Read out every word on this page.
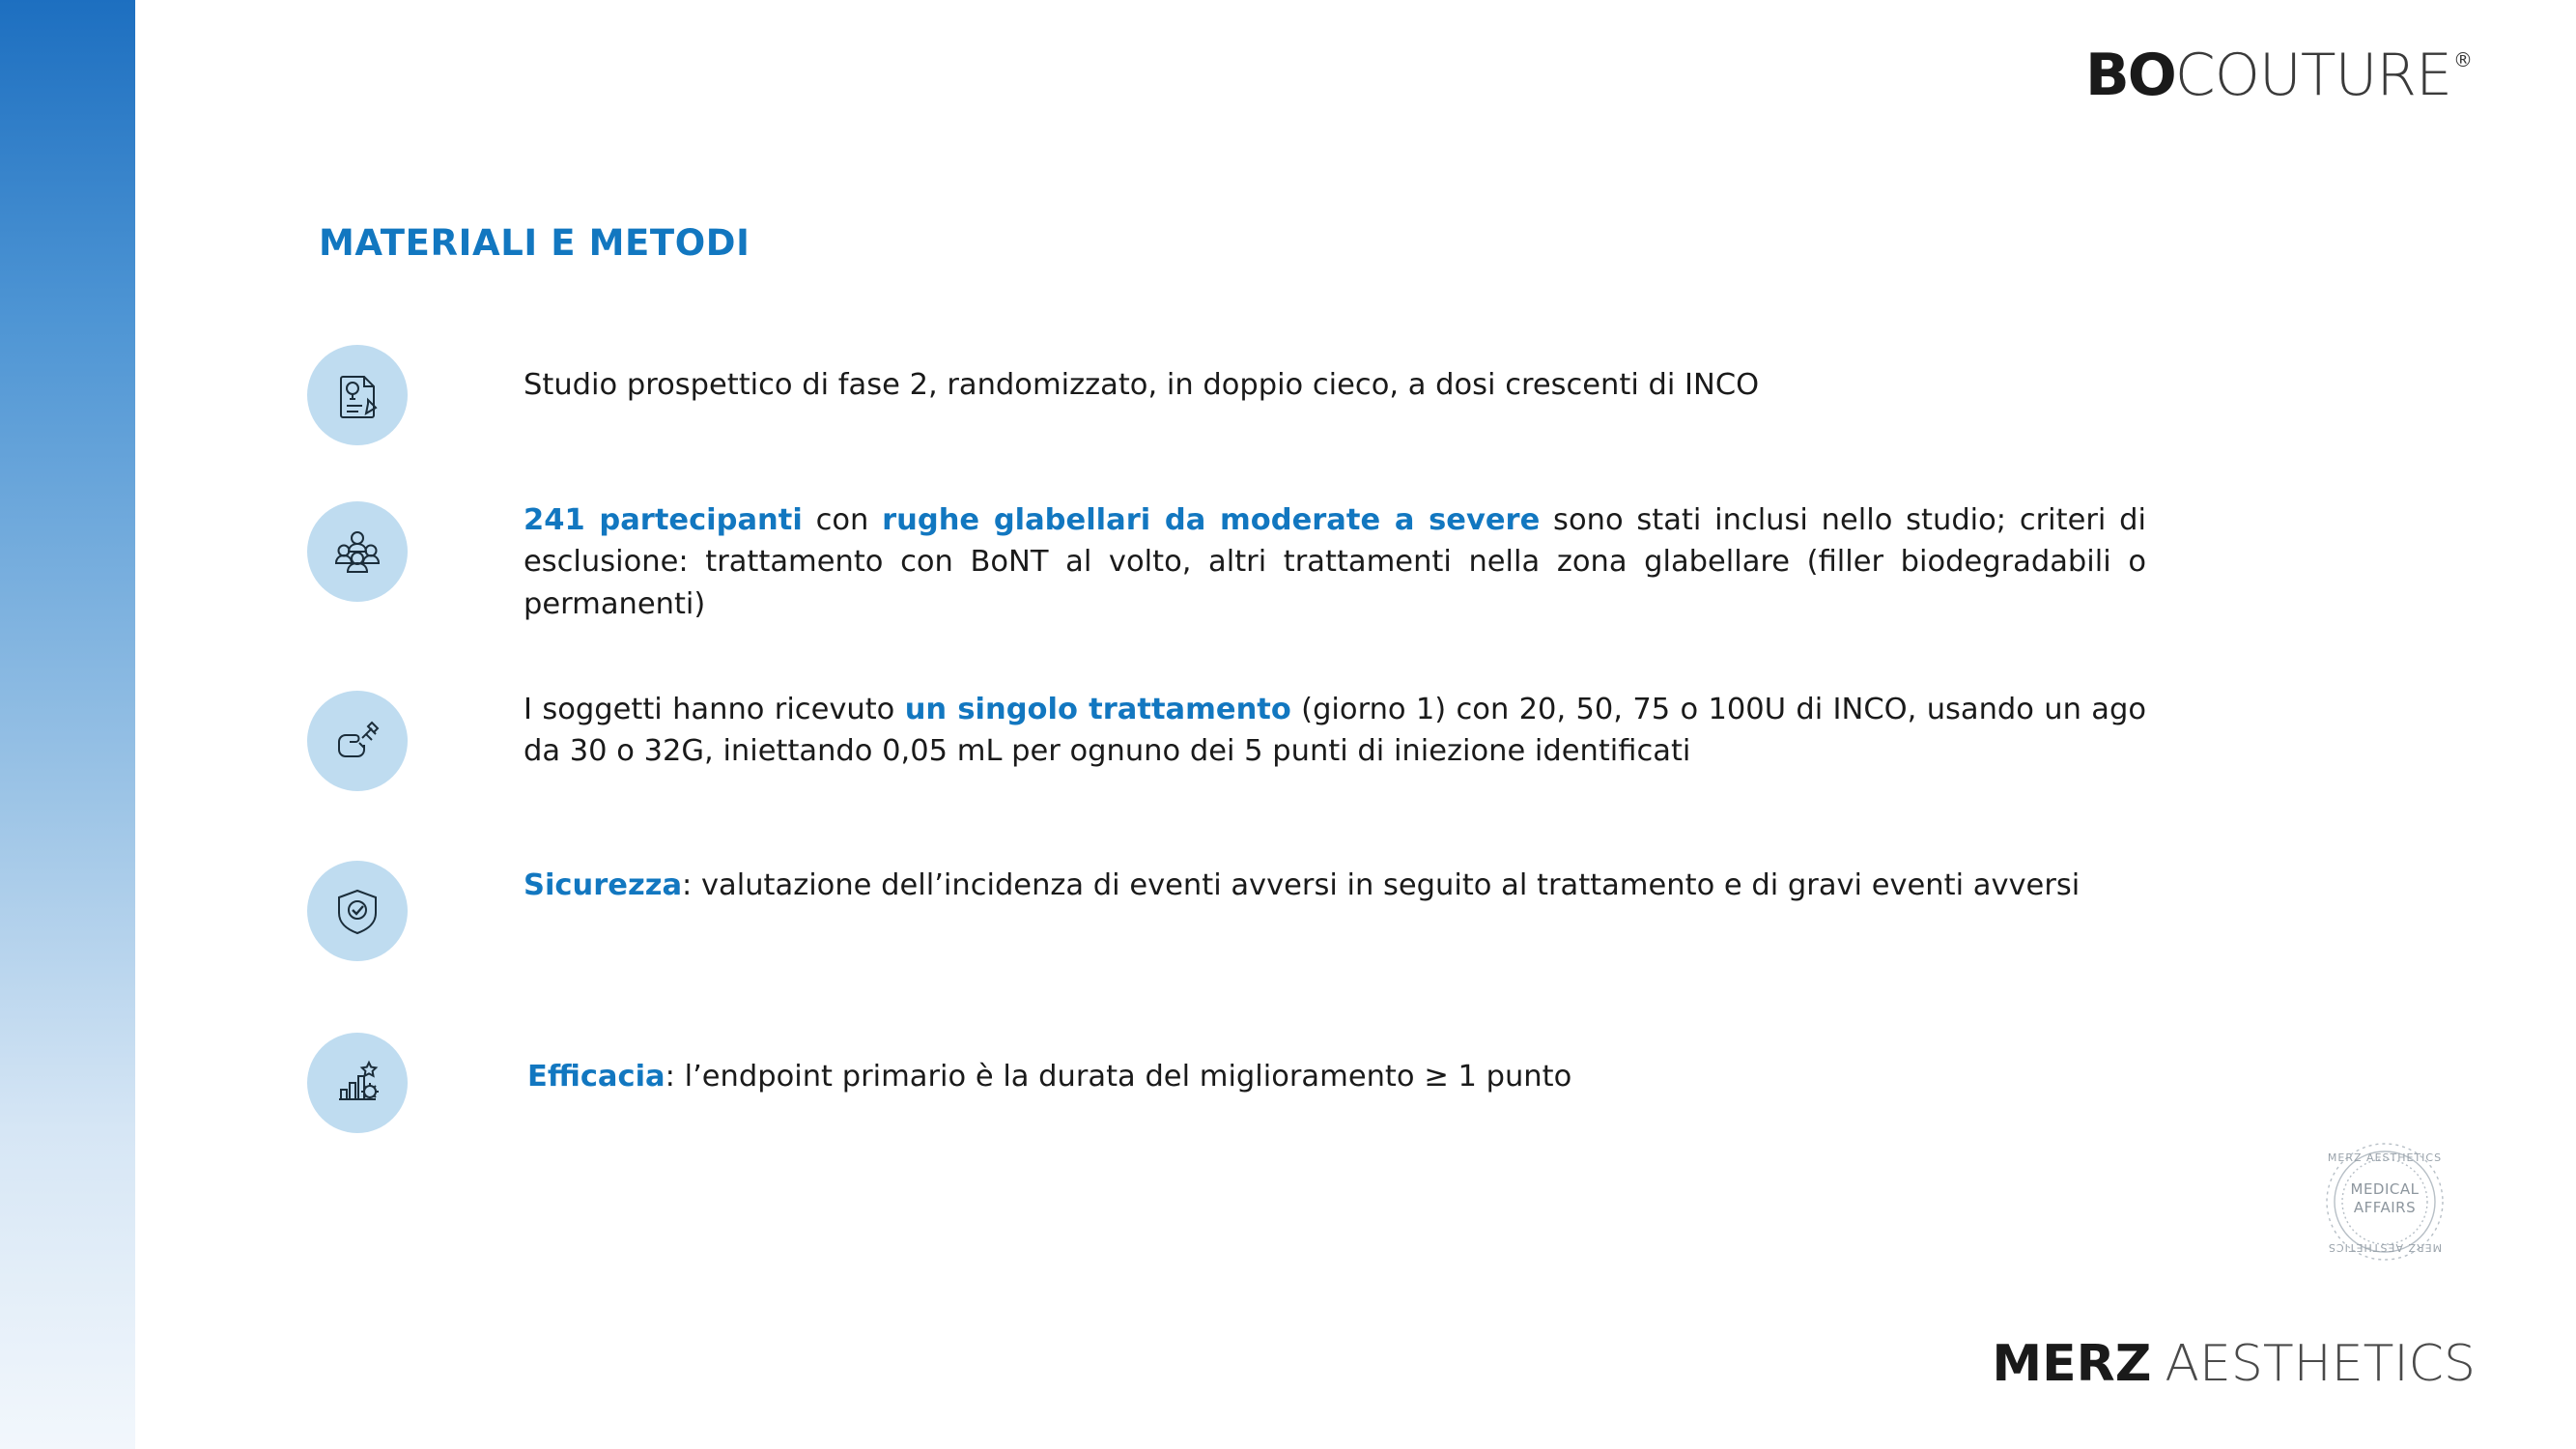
BO COUTURE ®
MATERIALI E METODI
Studio prospettico di fase 2, randomizzato, in doppio cieco, a dosi crescenti di INCO
241 partecipanti con rughe glabellari da moderate a severe sono stati inclusi nello studio; criteri di esclusione: trattamento con BoNT al volto, altri trattamenti nella zona glabellare (filler biodegradabili o permanenti)
I soggetti hanno ricevuto un singolo trattamento (giorno 1) con 20, 50, 75 o 100U di INCO, usando un ago da 30 o 32G, iniettando 0,05 mL per ognuno dei 5 punti di iniezione identificati
Sicurezza: valutazione dell’incidenza di eventi avversi in seguito al trattamento e di gravi eventi avversi
Efficacia: l’endpoint primario è la durata del miglioramento ≥ 1 punto
MERZ AESTHETICS
MEDICAL
AFFAIRS
MERZ AESTHETICS
MERZ AESTHETICS
